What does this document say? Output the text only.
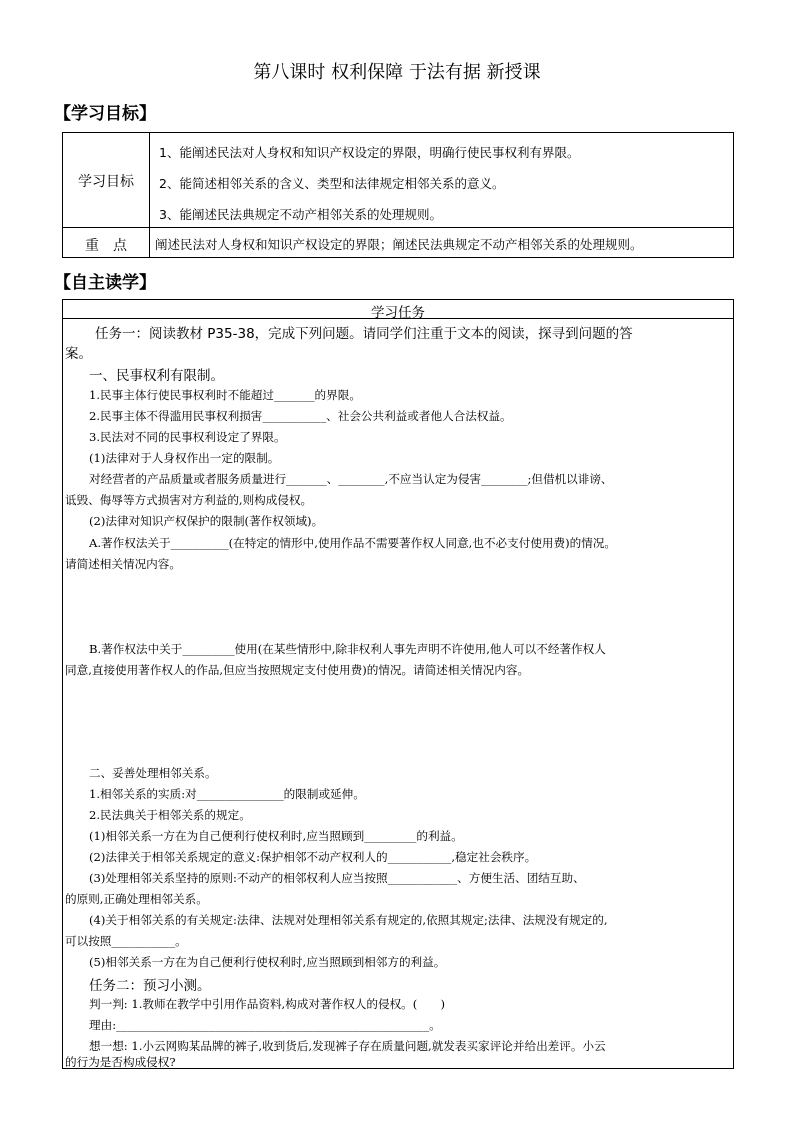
第八课时 权利保障 于法有据 新授课
【学习目标】
学习目标
1、能阐述民法对人身权和知识产权设定的界限，明确行使民事权利有界限。
2、能简述相邻关系的含义、类型和法律规定相邻关系的意义。
3、能阐述民法典规定不动产相邻关系的处理规则。
重　点	阐述民法对人身权和知识产权设定的界限；阐述民法典规定不动产相邻关系的处理规则。
【自主读学】
学习任务
任务一：阅读教材 P35-38，完成下列问题。请同学们注重于文本的阅读，探寻到问题的答
案。
一、民事权利有限制。
1.民事主体行使民事权利时不能超过_______的界限。
2.民事主体不得滥用民事权利损害___________、社会公共利益或者他人合法权益。
3.民法对不同的民事权利设定了界限。
(1)法律对于人身权作出一定的限制。
对经营者的产品质量或者服务质量进行_______、________,不应当认定为侵害________;但借机以诽谤、
诋毁、侮辱等方式损害对方利益的,则构成侵权。
(2)法律对知识产权保护的限制(著作权领域)。
A.著作权法关于__________(在特定的情形中,使用作品不需要著作权人同意,也不必支付使用费)的情况。
请简述相关情况内容。
B.著作权法中关于_________使用(在某些情形中,除非权利人事先声明不许使用,他人可以不经著作权人
同意,直接使用著作权人的作品,但应当按照规定支付使用费)的情况。请简述相关情况内容。
二、妥善处理相邻关系。
1.相邻关系的实质:对_______________的限制或延伸。
2.民法典关于相邻关系的规定。
(1)相邻关系一方在为自己便利行使权利时,应当照顾到_________的利益。
(2)法律关于相邻关系规定的意义:保护相邻不动产权利人的___________,稳定社会秩序。
(3)处理相邻关系坚持的原则:不动产的相邻权利人应当按照____________、方便生活、团结互助、
的原则,正确处理相邻关系。
(4)关于相邻关系的有关规定:法律、法规对处理相邻关系有规定的,依照其规定;法律、法规没有规定的,
可以按照___________。
(5)相邻关系一方在为自己便利行使权利时,应当照顾到相邻方的利益。
任务二：预习小测。
判一判: 1.教师在教学中引用作品资料,构成对著作权人的侵权。(　　)
理由:______________________________________________________。
想一想: 1.小云网购某品牌的裤子,收到货后,发现裤子存在质量问题,就发表买家评论并给出差评。小云
的行为是否构成侵权?
